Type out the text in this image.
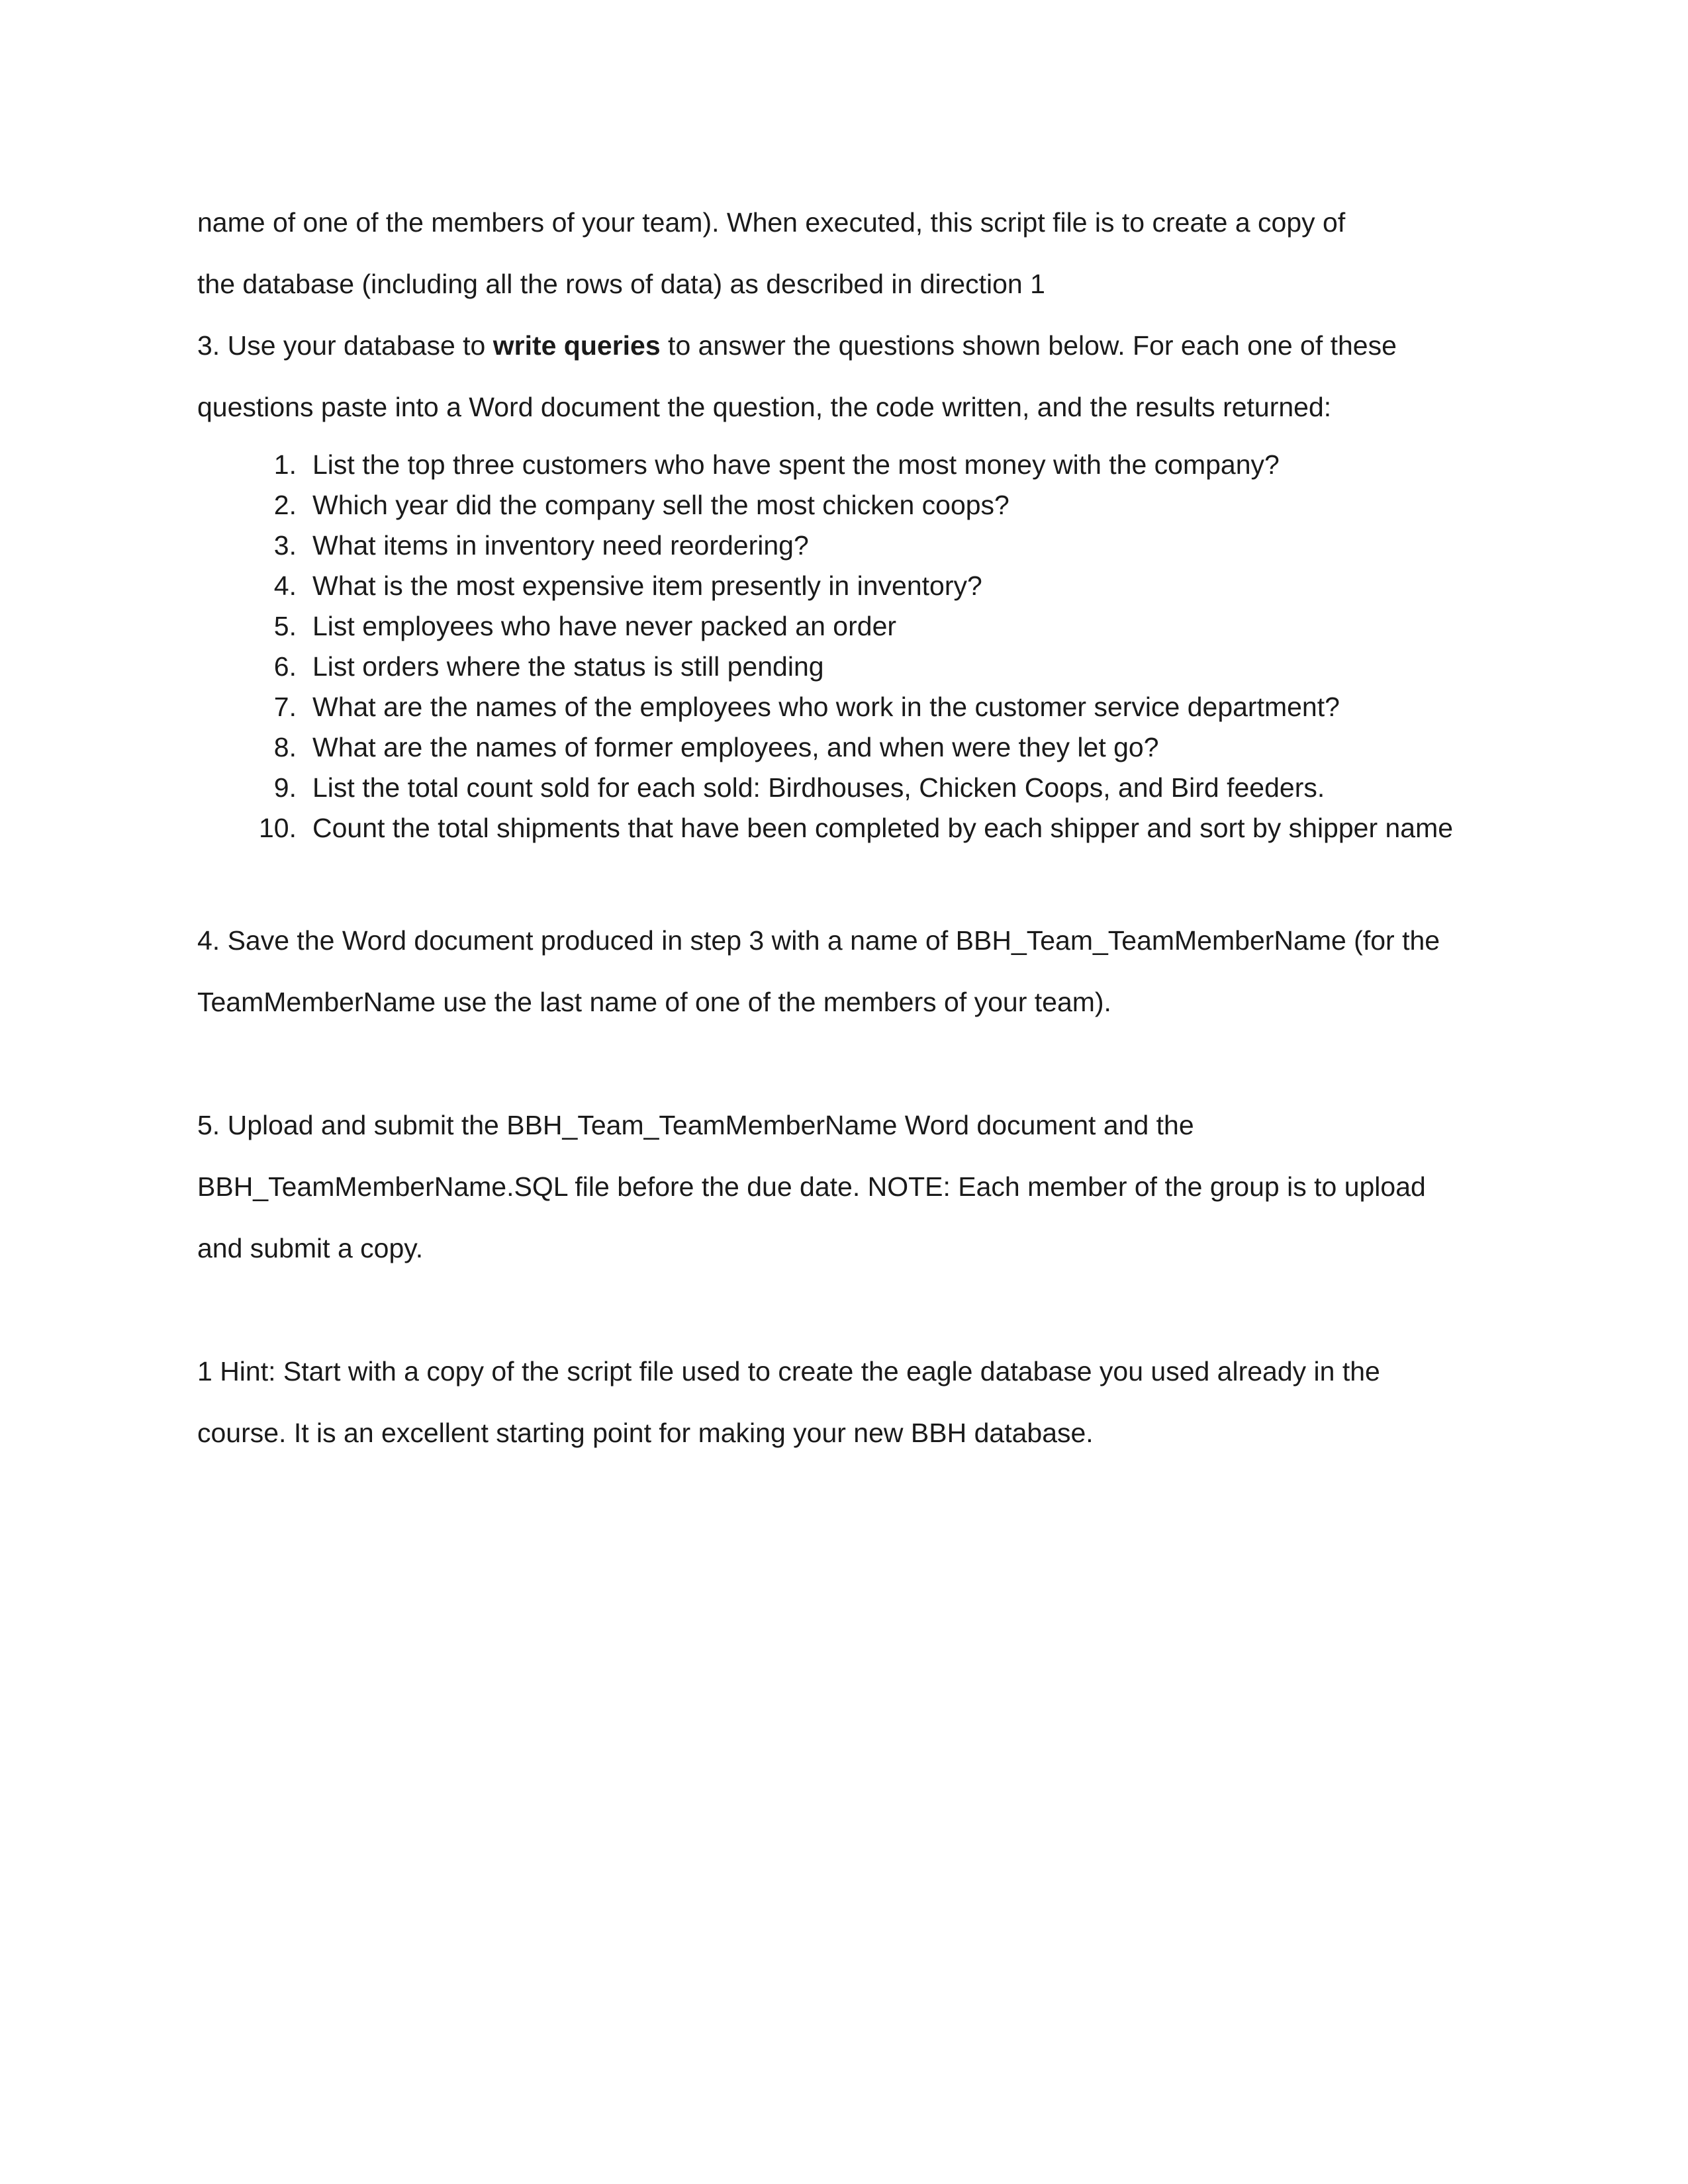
name of one of the members of your team). When executed, this script file is to create a copy of

the database (including all the rows of data) as described in direction 1

3. Use your database to write queries to answer the questions shown below. For each one of these

questions paste into a Word document the question, the code written, and the results returned:

1. List the top three customers who have spent the most money with the company?
2. Which year did the company sell the most chicken coops?
3. What items in inventory need reordering?
4. What is the most expensive item presently in inventory?
5. List employees who have never packed an order
6. List orders where the status is still pending
7. What are the names of the employees who work in the customer service department?
8. What are the names of former employees, and when were they let go?
9. List the total count sold for each sold: Birdhouses, Chicken Coops, and Bird feeders.
10. Count the total shipments that have been completed by each shipper and sort by shipper name

4. Save the Word document produced in step 3 with a name of BBH_Team_TeamMemberName (for the

TeamMemberName use the last name of one of the members of your team).

5. Upload and submit the BBH_Team_TeamMemberName Word document and the

BBH_TeamMemberName.SQL file before the due date. NOTE: Each member of the group is to upload

and submit a copy.

1 Hint: Start with a copy of the script file used to create the eagle database you used already in the

course. It is an excellent starting point for making your new BBH database.
